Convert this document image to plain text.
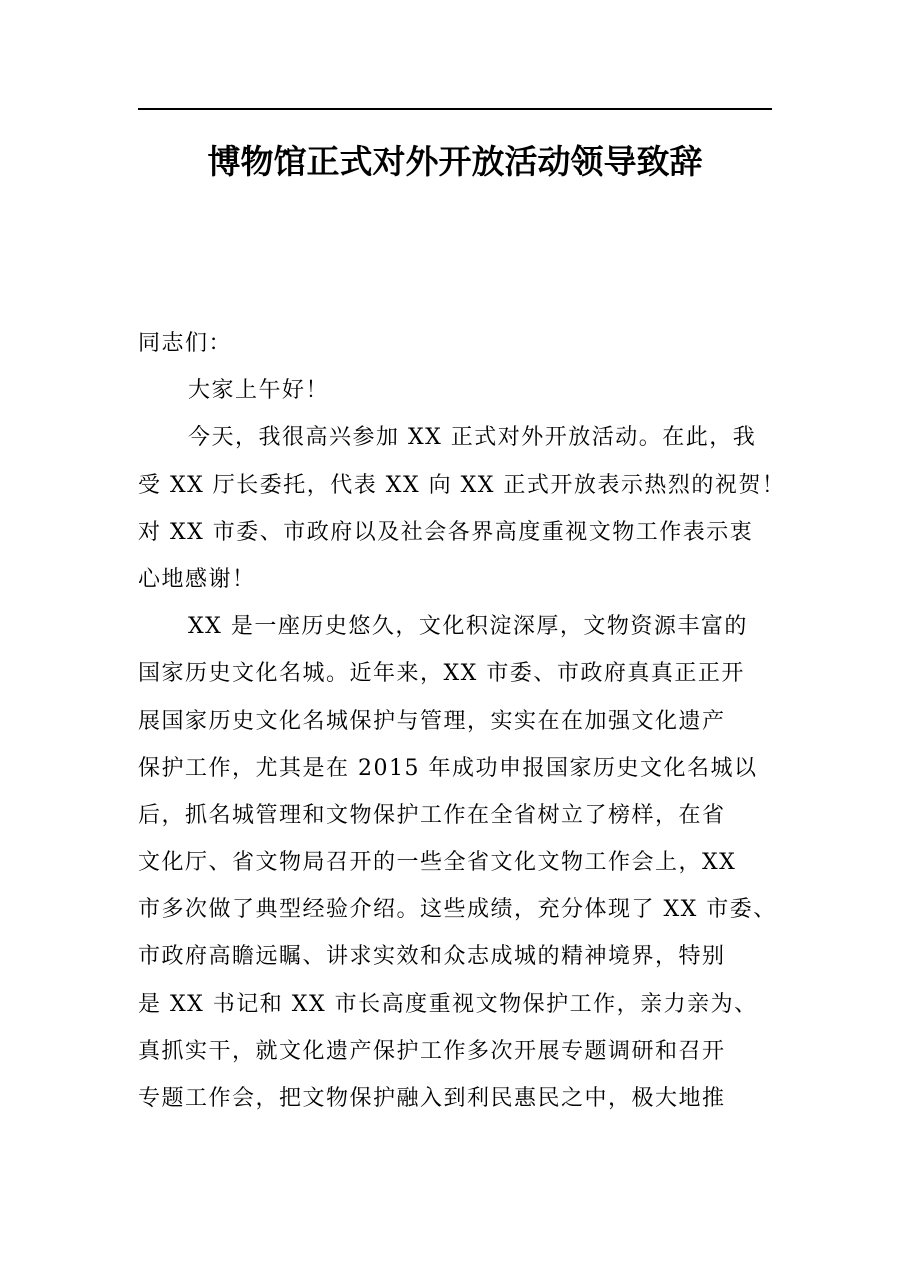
博物馆正式对外开放活动领导致辞
同志们：
大家上午好！
今天，我很高兴参加 XX 正式对外开放活动。在此，我
受 XX 厅长委托，代表 XX 向 XX 正式开放表示热烈的祝贺！
对 XX 市委、市政府以及社会各界高度重视文物工作表示衷
心地感谢！
XX 是一座历史悠久，文化积淀深厚，文物资源丰富的
国家历史文化名城。近年来，XX 市委、市政府真真正正开
展国家历史文化名城保护与管理，实实在在加强文化遗产
保护工作，尤其是在 2015 年成功申报国家历史文化名城以
后，抓名城管理和文物保护工作在全省树立了榜样，在省
文化厅、省文物局召开的一些全省文化文物工作会上，XX
市多次做了典型经验介绍。这些成绩，充分体现了 XX 市委、
市政府高瞻远瞩、讲求实效和众志成城的精神境界，特别
是 XX 书记和 XX 市长高度重视文物保护工作，亲力亲为、
真抓实干，就文化遗产保护工作多次开展专题调研和召开
专题工作会，把文物保护融入到利民惠民之中，极大地推
